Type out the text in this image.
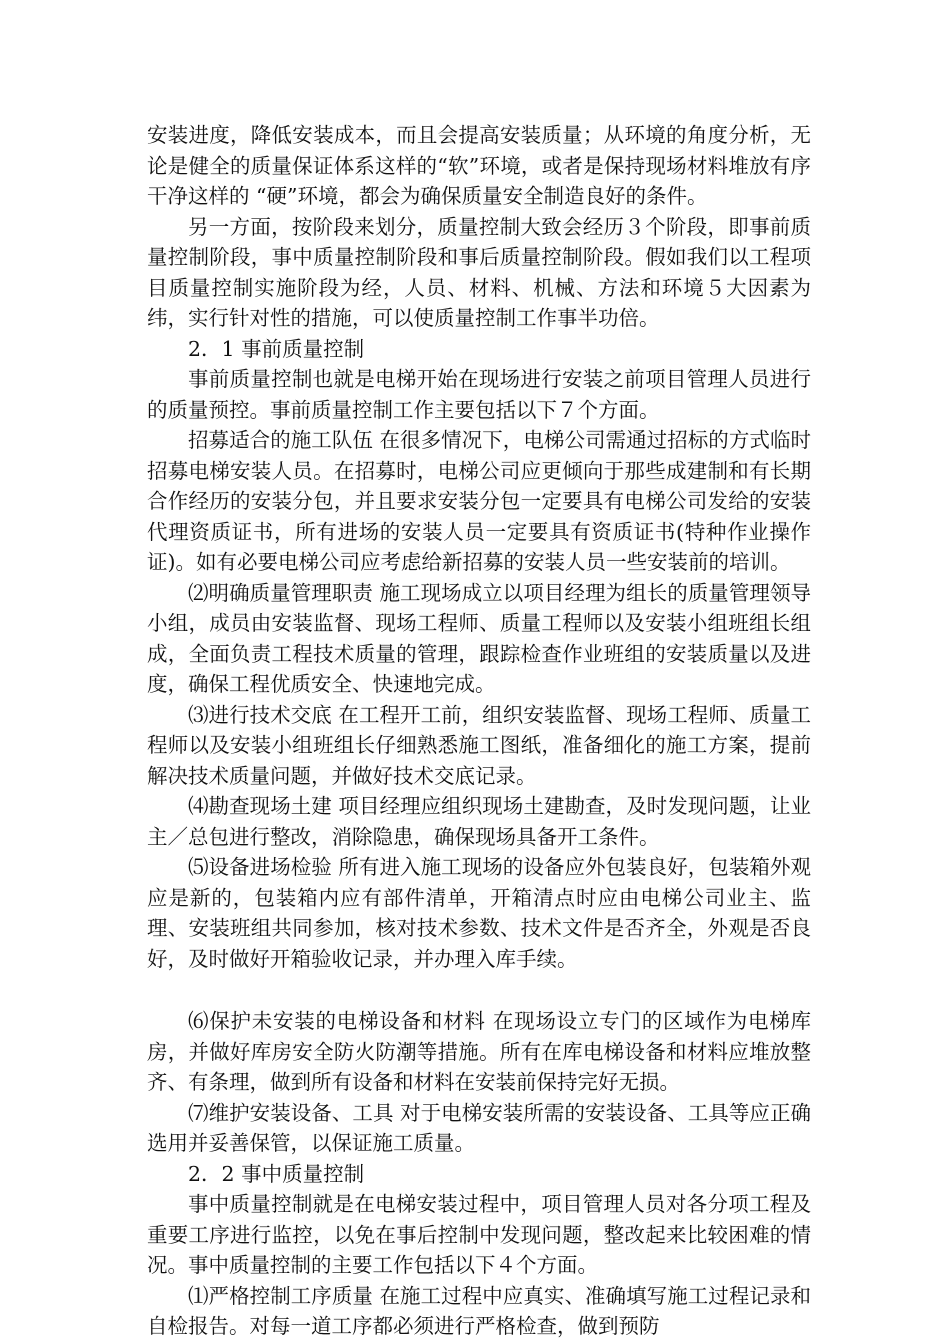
安装进度，降低安装成本，而且会提高安装质量；从环境的角度分析，无论是健全的质量保证体系这样的“软”环境，或者是保持现场材料堆放有序干净这样的 “硬”环境，都会为确保质量安全制造良好的条件。

另一方面，按阶段来划分，质量控制大致会经历３个阶段，即事前质量控制阶段，事中质量控制阶段和事后质量控制阶段。假如我们以工程项目质量控制实施阶段为经，人员、材料、机械、方法和环境５大因素为纬，实行针对性的措施，可以使质量控制工作事半功倍。

2．1 事前质量控制

事前质量控制也就是电梯开始在现场进行安装之前项目管理人员进行的质量预控。事前质量控制工作主要包括以下７个方面。

招募适合的施工队伍 在很多情况下，电梯公司需通过招标的方式临时招募电梯安装人员。在招募时，电梯公司应更倾向于那些成建制和有长期合作经历的安装分包，并且要求安装分包一定要具有电梯公司发给的安装代理资质证书，所有进场的安装人员一定要具有资质证书(特种作业操作证)。如有必要电梯公司应考虑给新招募的安装人员一些安装前的培训。

⑵明确质量管理职责 施工现场成立以项目经理为组长的质量管理领导小组，成员由安装监督、现场工程师、质量工程师以及安装小组班组长组成，全面负责工程技术质量的管理，跟踪检查作业班组的安装质量以及进度，确保工程优质安全、快速地完成。

⑶进行技术交底 在工程开工前，组织安装监督、现场工程师、质量工程师以及安装小组班组长仔细熟悉施工图纸，准备细化的施工方案，提前解决技术质量问题，并做好技术交底记录。

⑷勘查现场土建 项目经理应组织现场土建勘查，及时发现问题，让业主／总包进行整改，消除隐患，确保现场具备开工条件。

⑸设备进场检验 所有进入施工现场的设备应外包装良好，包装箱外观应是新的，包装箱内应有部件清单，开箱清点时应由电梯公司业主、监理、安装班组共同参加，核对技术参数、技术文件是否齐全，外观是否良好，及时做好开箱验收记录，并办理入库手续。

⑹保护未安装的电梯设备和材料 在现场设立专门的区域作为电梯库房，并做好库房安全防火防潮等措施。所有在库电梯设备和材料应堆放整齐、有条理，做到所有设备和材料在安装前保持完好无损。

⑺维护安装设备、工具 对于电梯安装所需的安装设备、工具等应正确选用并妥善保管，以保证施工质量。

2．2 事中质量控制

事中质量控制就是在电梯安装过程中，项目管理人员对各分项工程及重要工序进行监控，以免在事后控制中发现问题，整改起来比较困难的情况。事中质量控制的主要工作包括以下４个方面。

⑴严格控制工序质量 在施工过程中应真实、准确填写施工过程记录和自检报告。对每一道工序都必须进行严格检查，做到预防
